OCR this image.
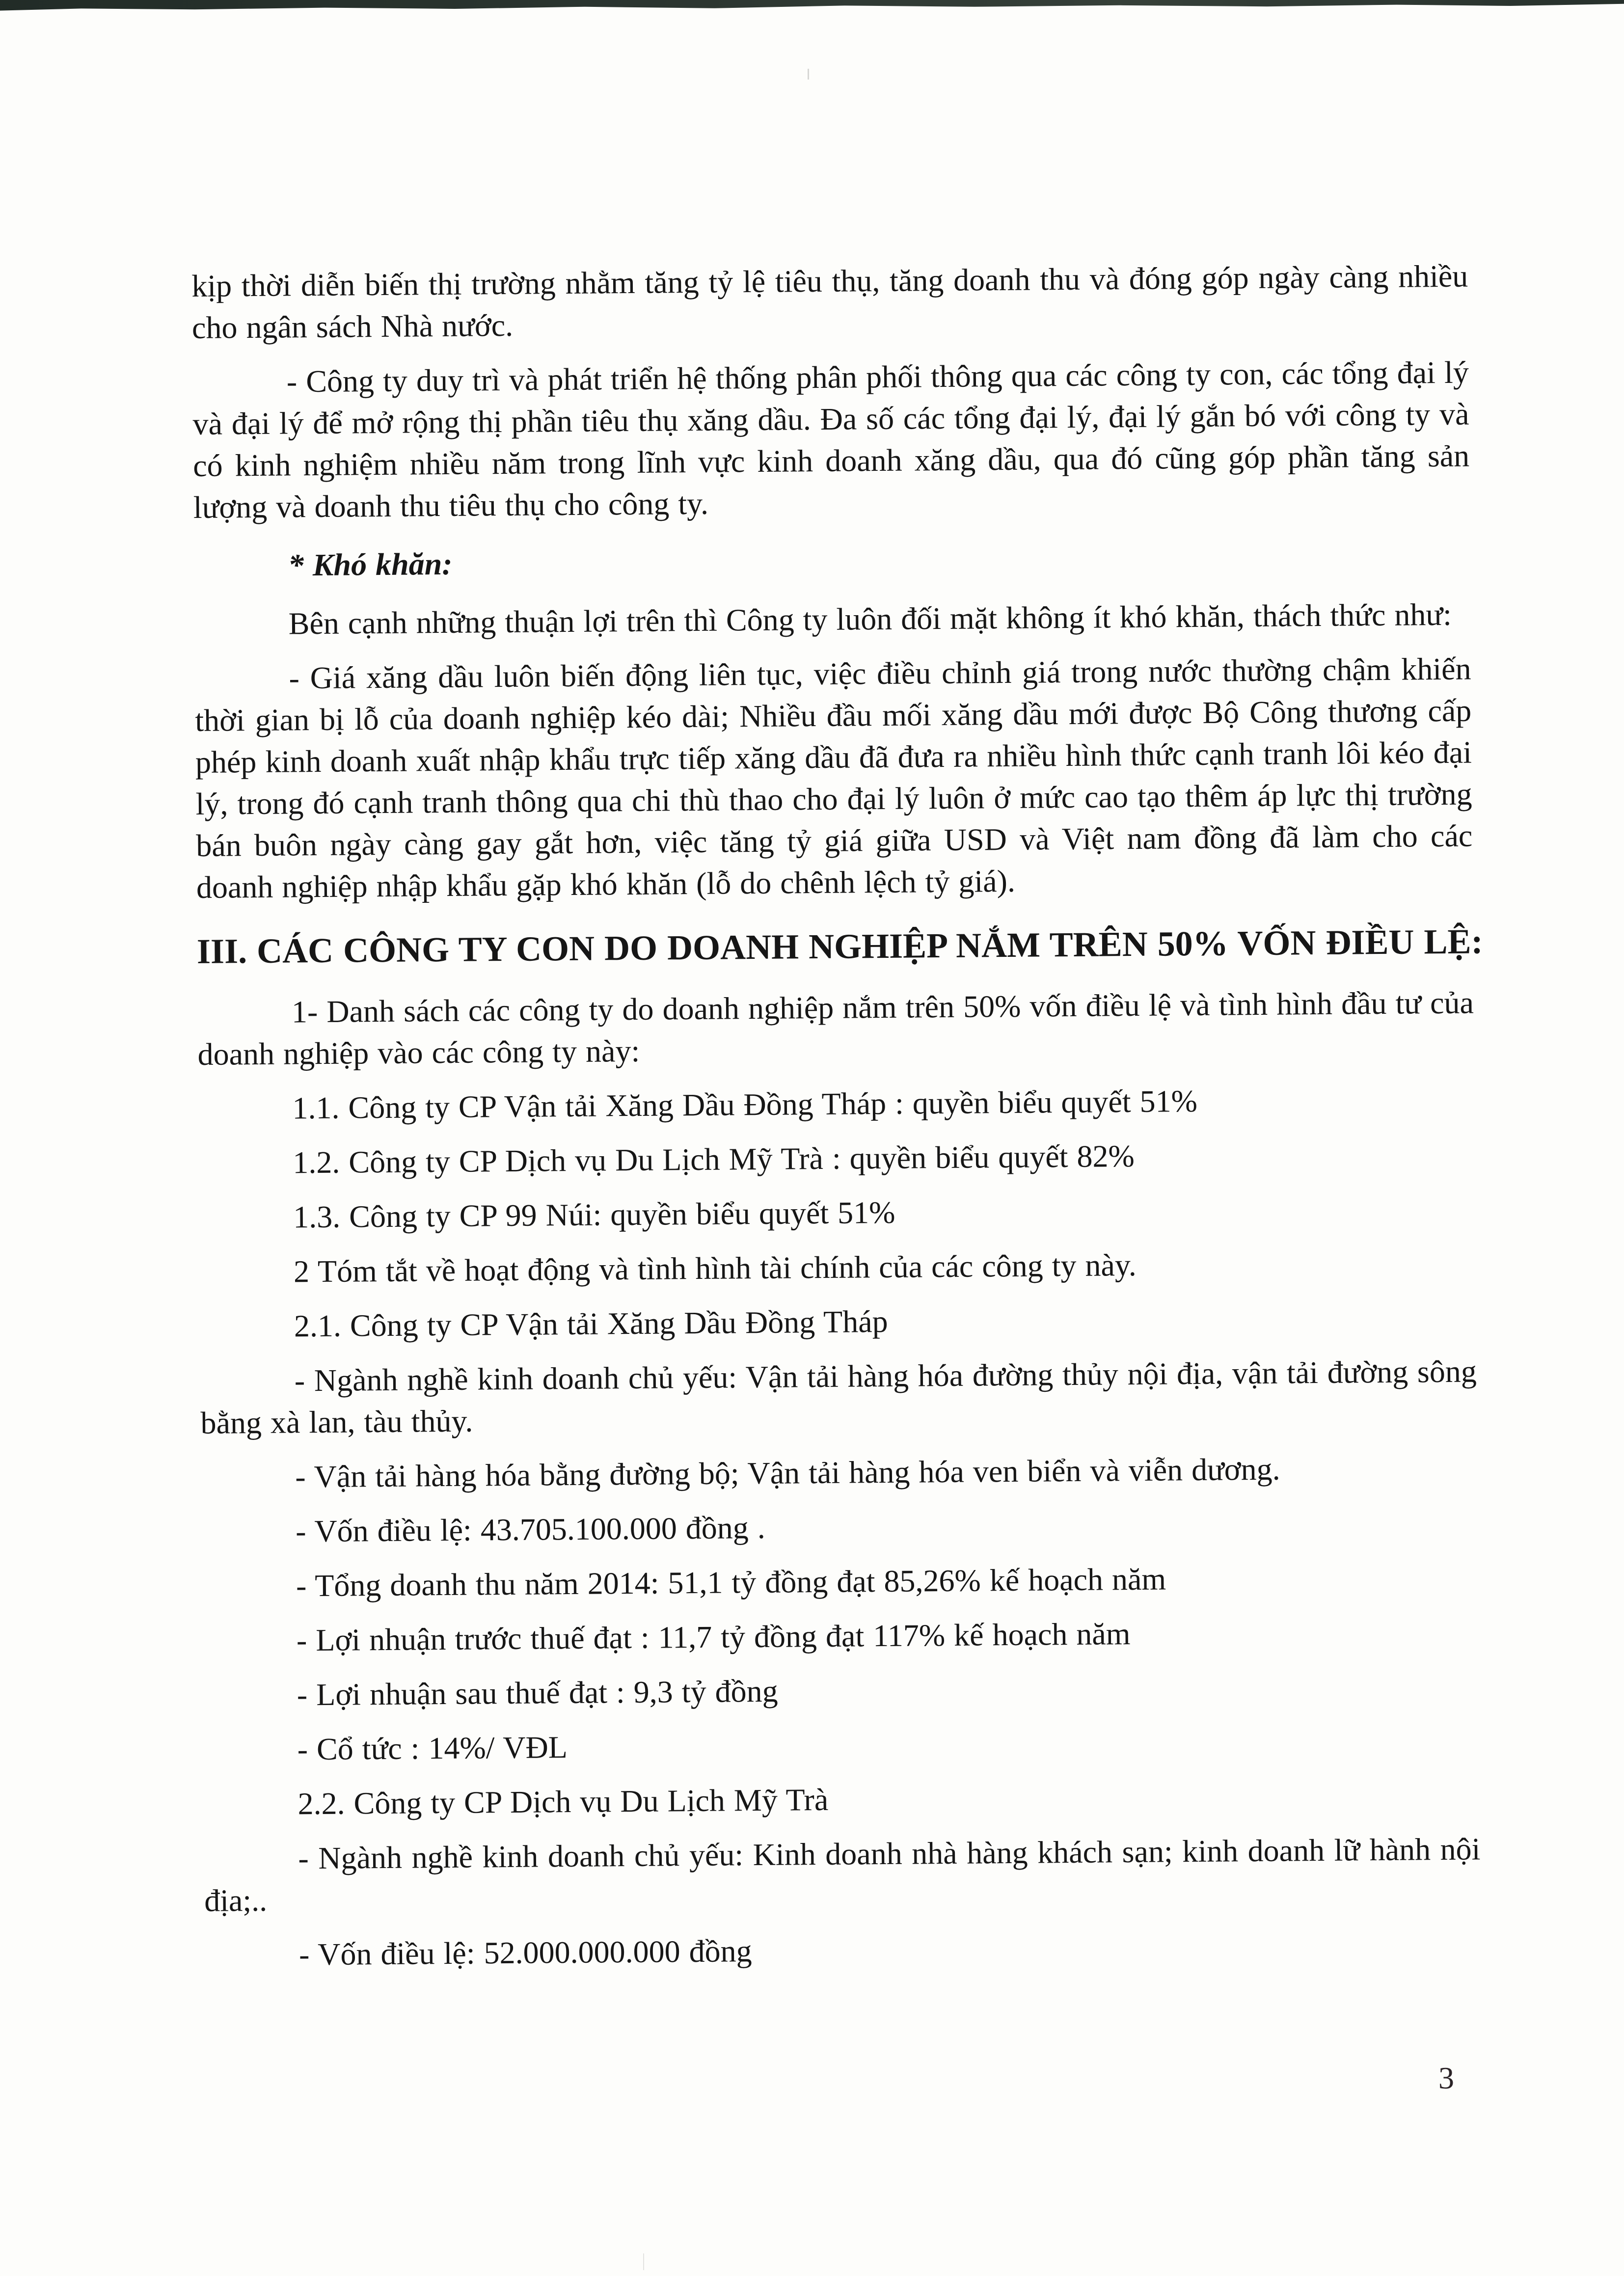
kịp thời diễn biến thị trường nhằm tăng tỷ lệ tiêu thụ, tăng doanh thu và đóng góp ngày càng nhiều cho ngân sách Nhà nước.

- Công ty duy trì và phát triển hệ thống phân phối thông qua các công ty con, các tổng đại lý và đại lý để mở rộng thị phần tiêu thụ xăng dầu. Đa số các tổng đại lý, đại lý gắn bó với công ty và có kinh nghiệm nhiều năm trong lĩnh vực kinh doanh xăng dầu, qua đó cũng góp phần tăng sản lượng và doanh thu tiêu thụ cho công ty.

* Khó khăn:

Bên cạnh những thuận lợi trên thì Công ty luôn đối mặt không ít khó khăn, thách thức như:

- Giá xăng dầu luôn biến động liên tục, việc điều chỉnh giá trong nước thường chậm khiến thời gian bị lỗ của doanh nghiệp kéo dài; Nhiều đầu mối xăng dầu mới được Bộ Công thương cấp phép kinh doanh xuất nhập khẩu trực tiếp xăng dầu đã đưa ra nhiều hình thức cạnh tranh lôi kéo đại lý, trong đó cạnh tranh thông qua chi thù thao cho đại lý luôn ở mức cao tạo thêm áp lực thị trường bán buôn ngày càng gay gắt hơn, việc tăng tỷ giá giữa USD và Việt nam đồng đã làm cho các doanh nghiệp nhập khẩu gặp khó khăn (lỗ do chênh lệch tỷ giá).

III. CÁC CÔNG TY CON DO DOANH NGHIỆP NẮM TRÊN 50% VỐN ĐIỀU LỆ:

1- Danh sách các công ty do doanh nghiệp nắm trên 50% vốn điều lệ và tình hình đầu tư của doanh nghiệp vào các công ty này:

1.1. Công ty CP Vận tải Xăng Dầu Đồng Tháp : quyền biểu quyết 51%

1.2. Công ty CP Dịch vụ Du Lịch Mỹ Trà : quyền biểu quyết 82%

1.3. Công ty CP 99 Núi: quyền biểu quyết 51%

2 Tóm tắt về hoạt động và tình hình tài chính của các công ty này.

2.1. Công ty CP Vận tải Xăng Dầu Đồng Tháp

- Ngành nghề kinh doanh chủ yếu: Vận tải hàng hóa đường thủy nội địa, vận tải đường sông bằng xà lan, tàu thủy.

- Vận tải hàng hóa bằng đường bộ; Vận tải hàng hóa ven biển và viễn dương.

- Vốn điều lệ: 43.705.100.000 đồng .

- Tổng doanh thu năm 2014: 51,1 tỷ đồng đạt 85,26% kế hoạch năm

- Lợi nhuận trước thuế đạt : 11,7 tỷ đồng đạt 117% kế hoạch năm

- Lợi nhuận sau thuế đạt : 9,3 tỷ đồng

- Cổ tức : 14%/ VĐL

2.2. Công ty CP Dịch vụ Du Lịch Mỹ Trà

- Ngành nghề kinh doanh chủ yếu: Kinh doanh nhà hàng khách sạn; kinh doanh lữ hành nội địa;..

- Vốn điều lệ: 52.000.000.000 đồng

3
